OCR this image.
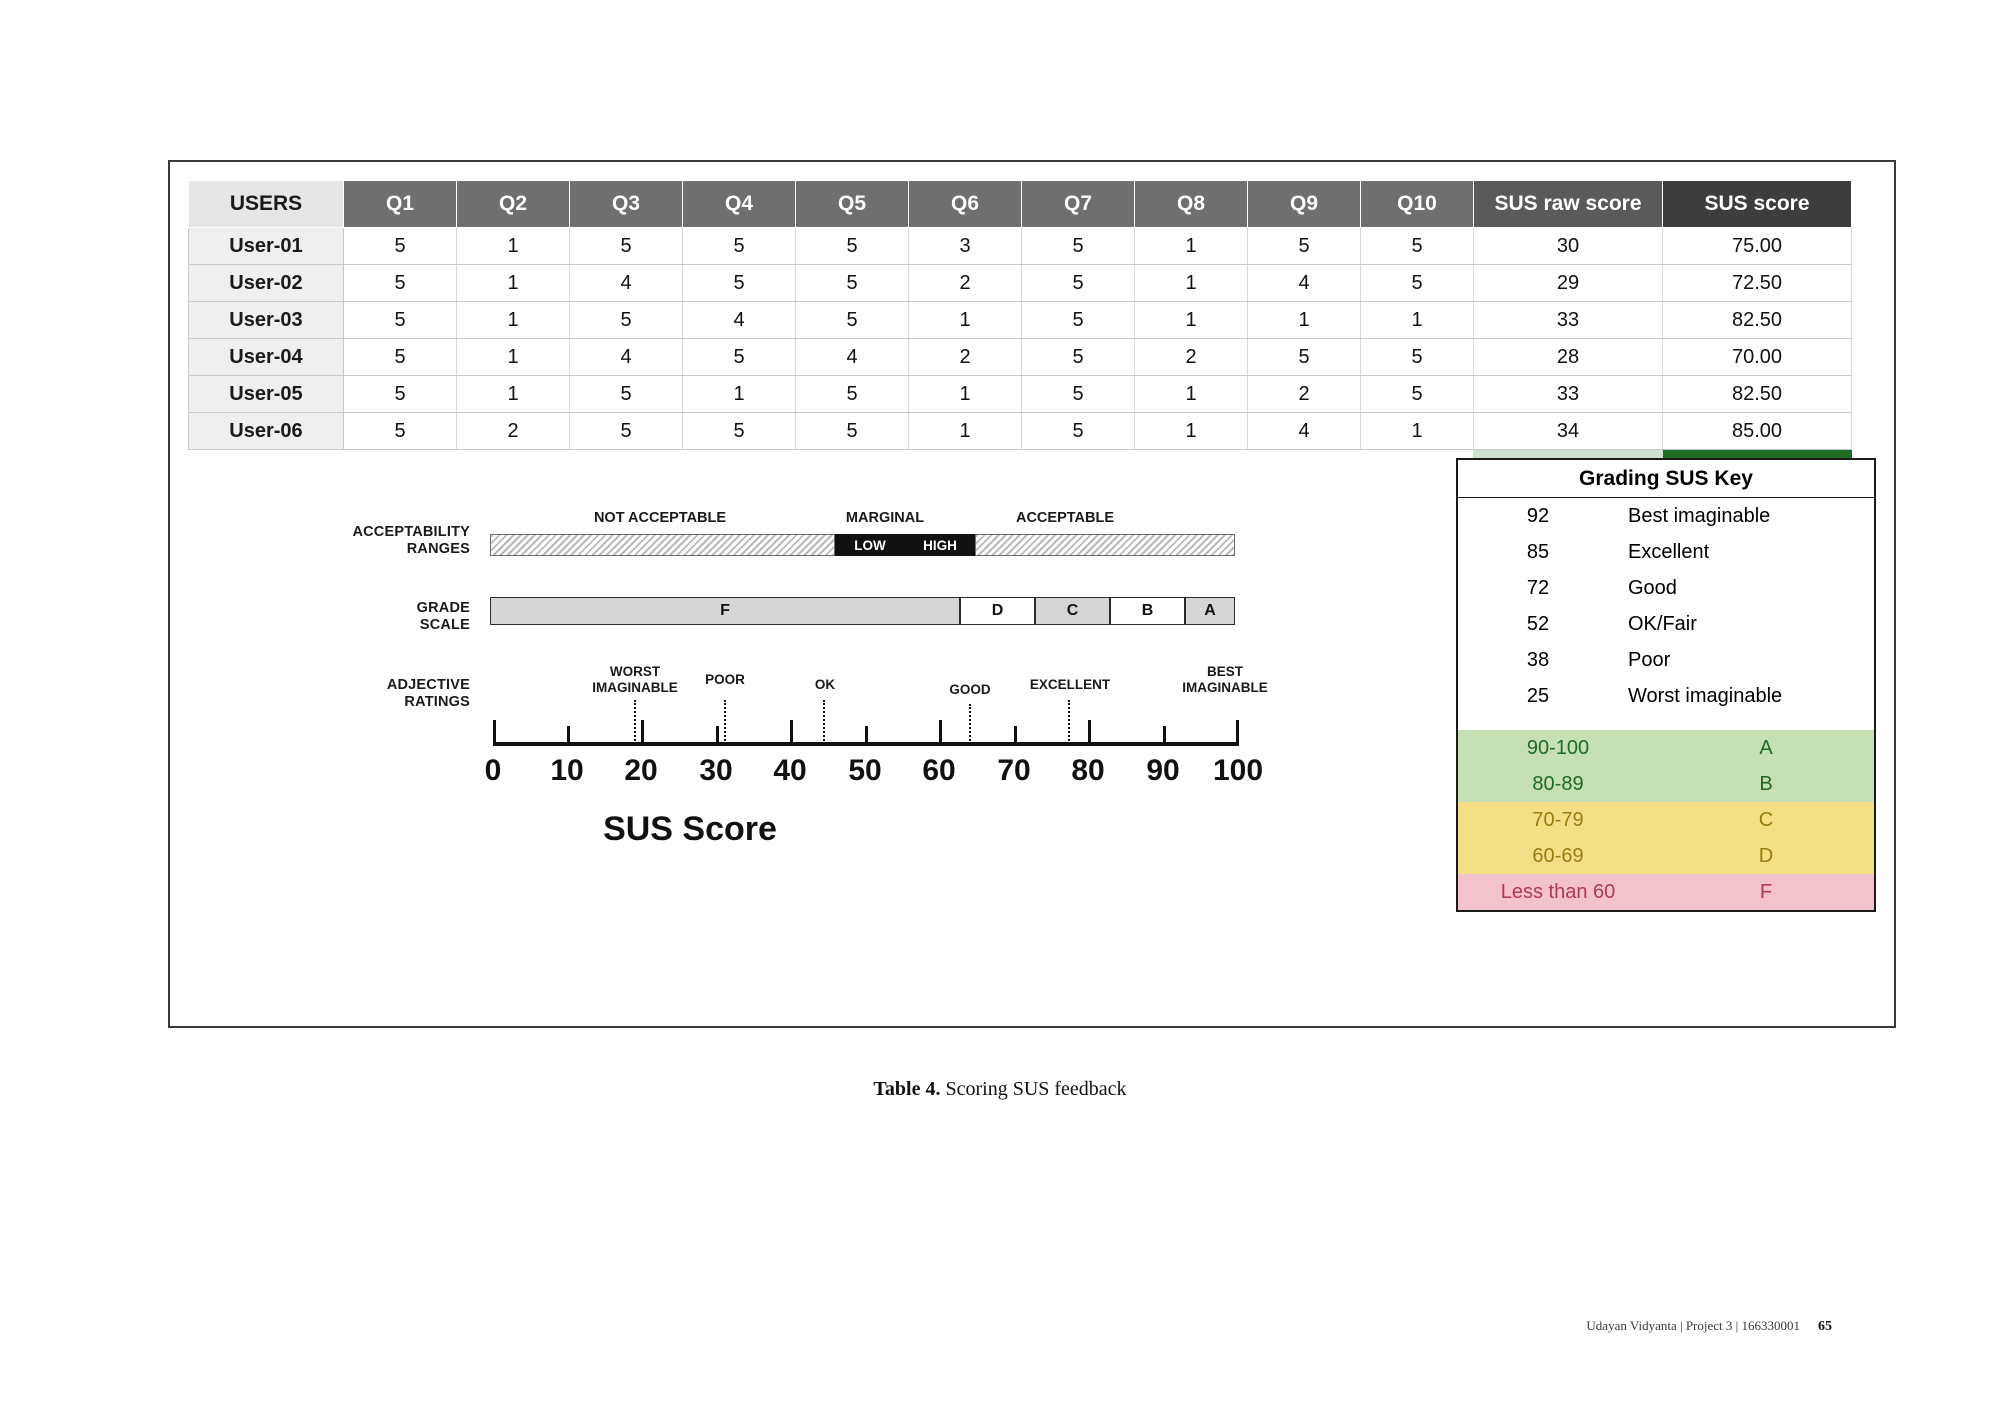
USERS	Q1	Q2	Q3	Q4	Q5	Q6	Q7	Q8	Q9	Q10	SUS raw score	SUS score
User-01	5	1	5	5	5	3	5	1	5	5	30	75.00
User-02	5	1	4	5	5	2	5	1	4	5	29	72.50
User-03	5	1	5	4	5	1	5	1	1	1	33	82.50
User-04	5	1	4	5	4	2	5	2	5	5	28	70.00
User-05	5	1	5	1	5	1	5	1	2	5	33	82.50
User-06	5	2	5	5	5	1	5	1	4	1	34	85.00

Grading SUS Key
92	Best imaginable
85	Excellent
72	Good
52	OK/Fair
38	Poor
25	Worst imaginable
90-100	A
80-89	B
70-79	C
60-69	D
Less than 60	F
ACCEPTABILITY
RANGES
GRADE
SCALE
ADJECTIVE
RATINGS
NOT ACCEPTABLE	MARGINAL	ACCEPTABLE
LOW	HIGH
F	D	C	B	A
WORST
IMAGINABLE
POOR	OK	GOOD	EXCELLENT
BEST
IMAGINABLE
0	10	20	30	40	50	60	70	80	90	100
SUS Score
Table 4. Scoring SUS feedback
Udayan Vidyanta | Project 3 | 166330001 65
